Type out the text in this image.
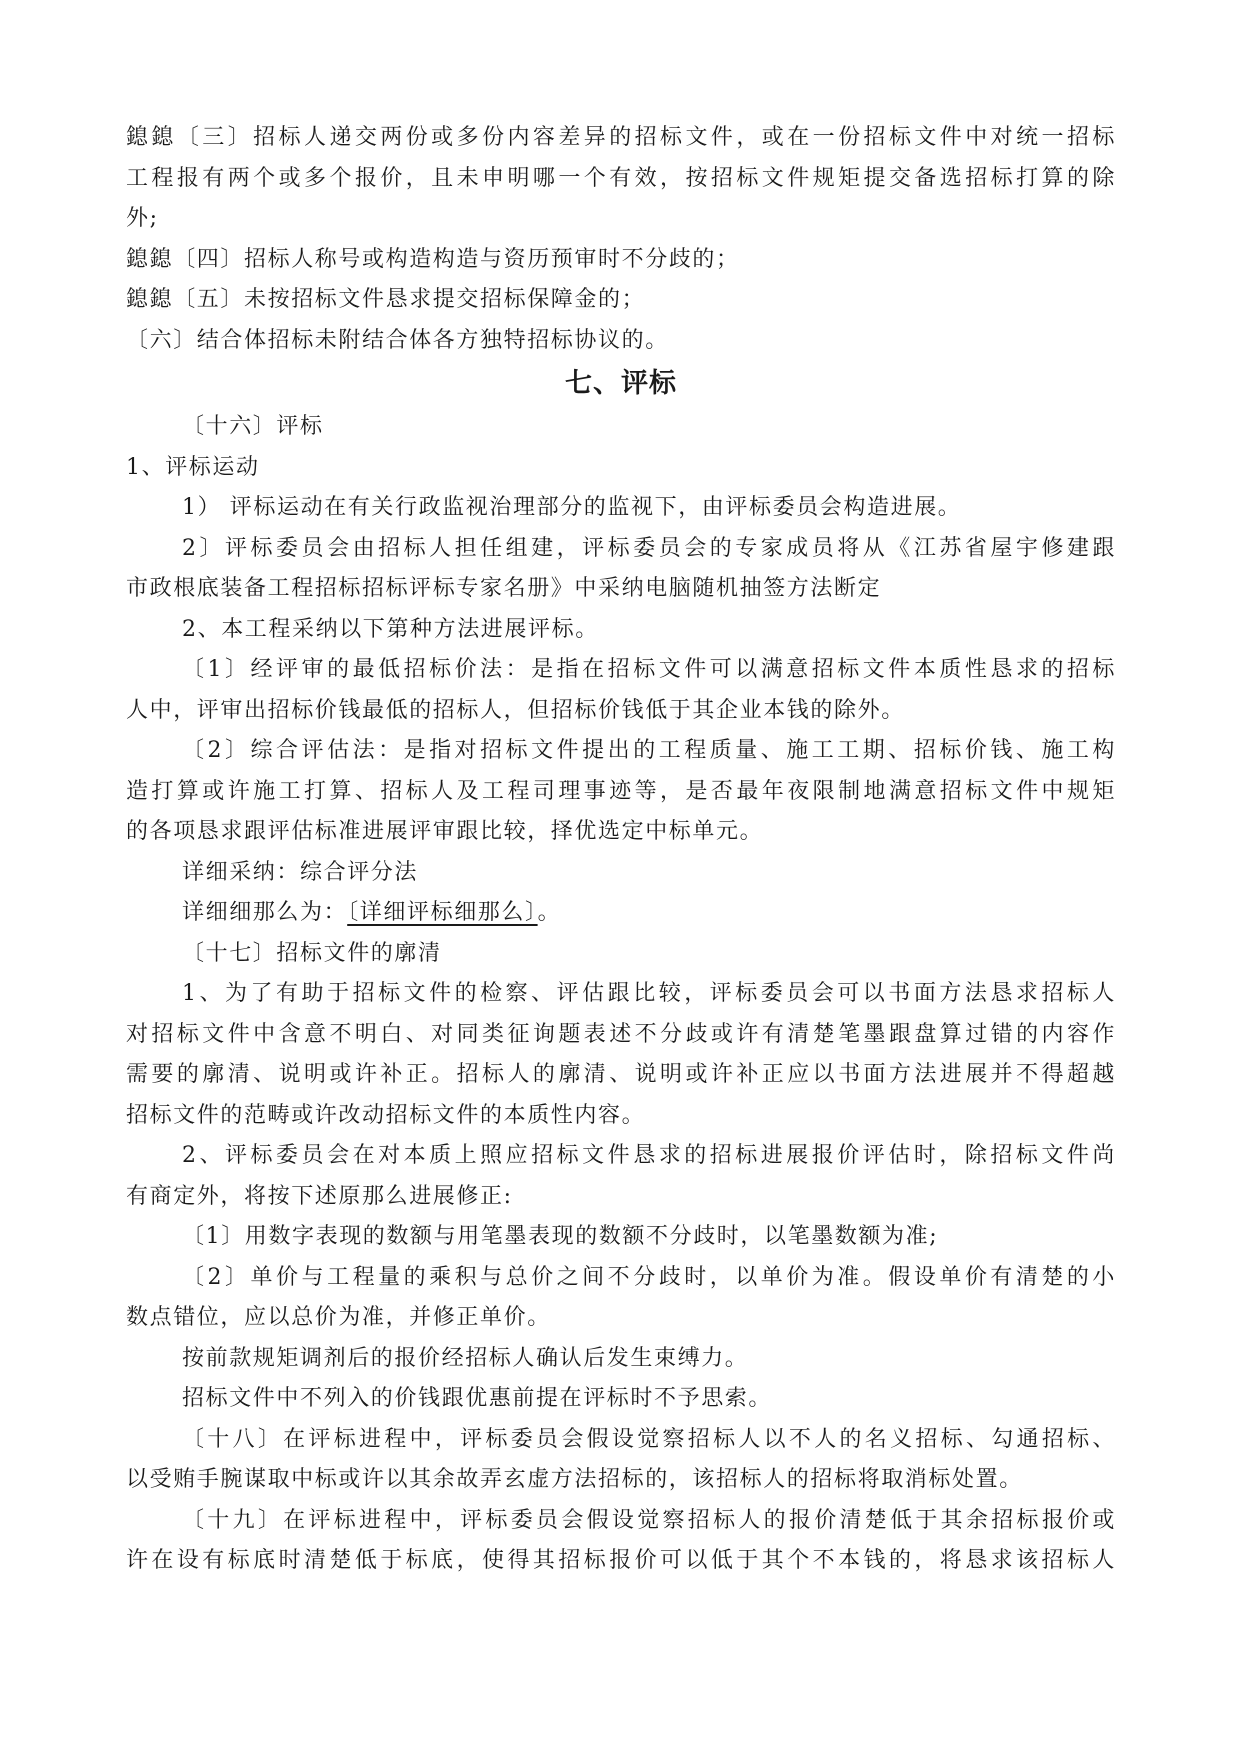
鎴鎴〔三〕招标人递交两份或多份内容差异的招标文件，或在一份招标文件中对统一招标
工程报有两个或多个报价，且未申明哪一个有效，按招标文件规矩提交备选招标打算的除
外;
鎴鎴〔四〕招标人称号或构造构造与资历预审时不分歧的；
鎴鎴〔五〕未按招标文件恳求提交招标保障金的；
〔六〕结合体招标未附结合体各方独特招标协议的。
七、评标
〔十六〕评标
1、评标运动
1） 评标运动在有关行政监视治理部分的监视下，由评标委员会构造进展。
2〕评标委员会由招标人担任组建，评标委员会的专家成员将从《江苏省屋宇修建跟
市政根底装备工程招标招标评标专家名册》中采纳电脑随机抽签方法断定
2、本工程采纳以下第种方法进展评标。
〔1〕经评审的最低招标价法：是指在招标文件可以满意招标文件本质性恳求的招标
人中，评审出招标价钱最低的招标人，但招标价钱低于其企业本钱的除外。
〔2〕综合评估法：是指对招标文件提出的工程质量、施工工期、招标价钱、施工构
造打算或许施工打算、招标人及工程司理事迹等，是否最年夜限制地满意招标文件中规矩
的各项恳求跟评估标准进展评审跟比较，择优选定中标单元。
详细采纳：综合评分法
详细细那么为：〔详细评标细那么〕。
〔十七〕招标文件的廓清
1、为了有助于招标文件的检察、评估跟比较，评标委员会可以书面方法恳求招标人
对招标文件中含意不明白、对同类征询题表述不分歧或许有清楚笔墨跟盘算过错的内容作
需要的廓清、说明或许补正。招标人的廓清、说明或许补正应以书面方法进展并不得超越
招标文件的范畴或许改动招标文件的本质性内容。
2、评标委员会在对本质上照应招标文件恳求的招标进展报价评估时，除招标文件尚
有商定外，将按下述原那么进展修正:
〔1〕用数字表现的数额与用笔墨表现的数额不分歧时，以笔墨数额为准;
〔2〕单价与工程量的乘积与总价之间不分歧时，以单价为准。假设单价有清楚的小
数点错位，应以总价为准，并修正单价。
按前款规矩调剂后的报价经招标人确认后发生束缚力。
招标文件中不列入的价钱跟优惠前提在评标时不予思索。
〔十八〕在评标进程中，评标委员会假设觉察招标人以不人的名义招标、勾通招标、
以受贿手腕谋取中标或许以其余故弄玄虚方法招标的，该招标人的招标将取消标处置。
〔十九〕在评标进程中，评标委员会假设觉察招标人的报价清楚低于其余招标报价或
许在设有标底时清楚低于标底，使得其招标报价可以低于其个不本钱的，将恳求该招标人
